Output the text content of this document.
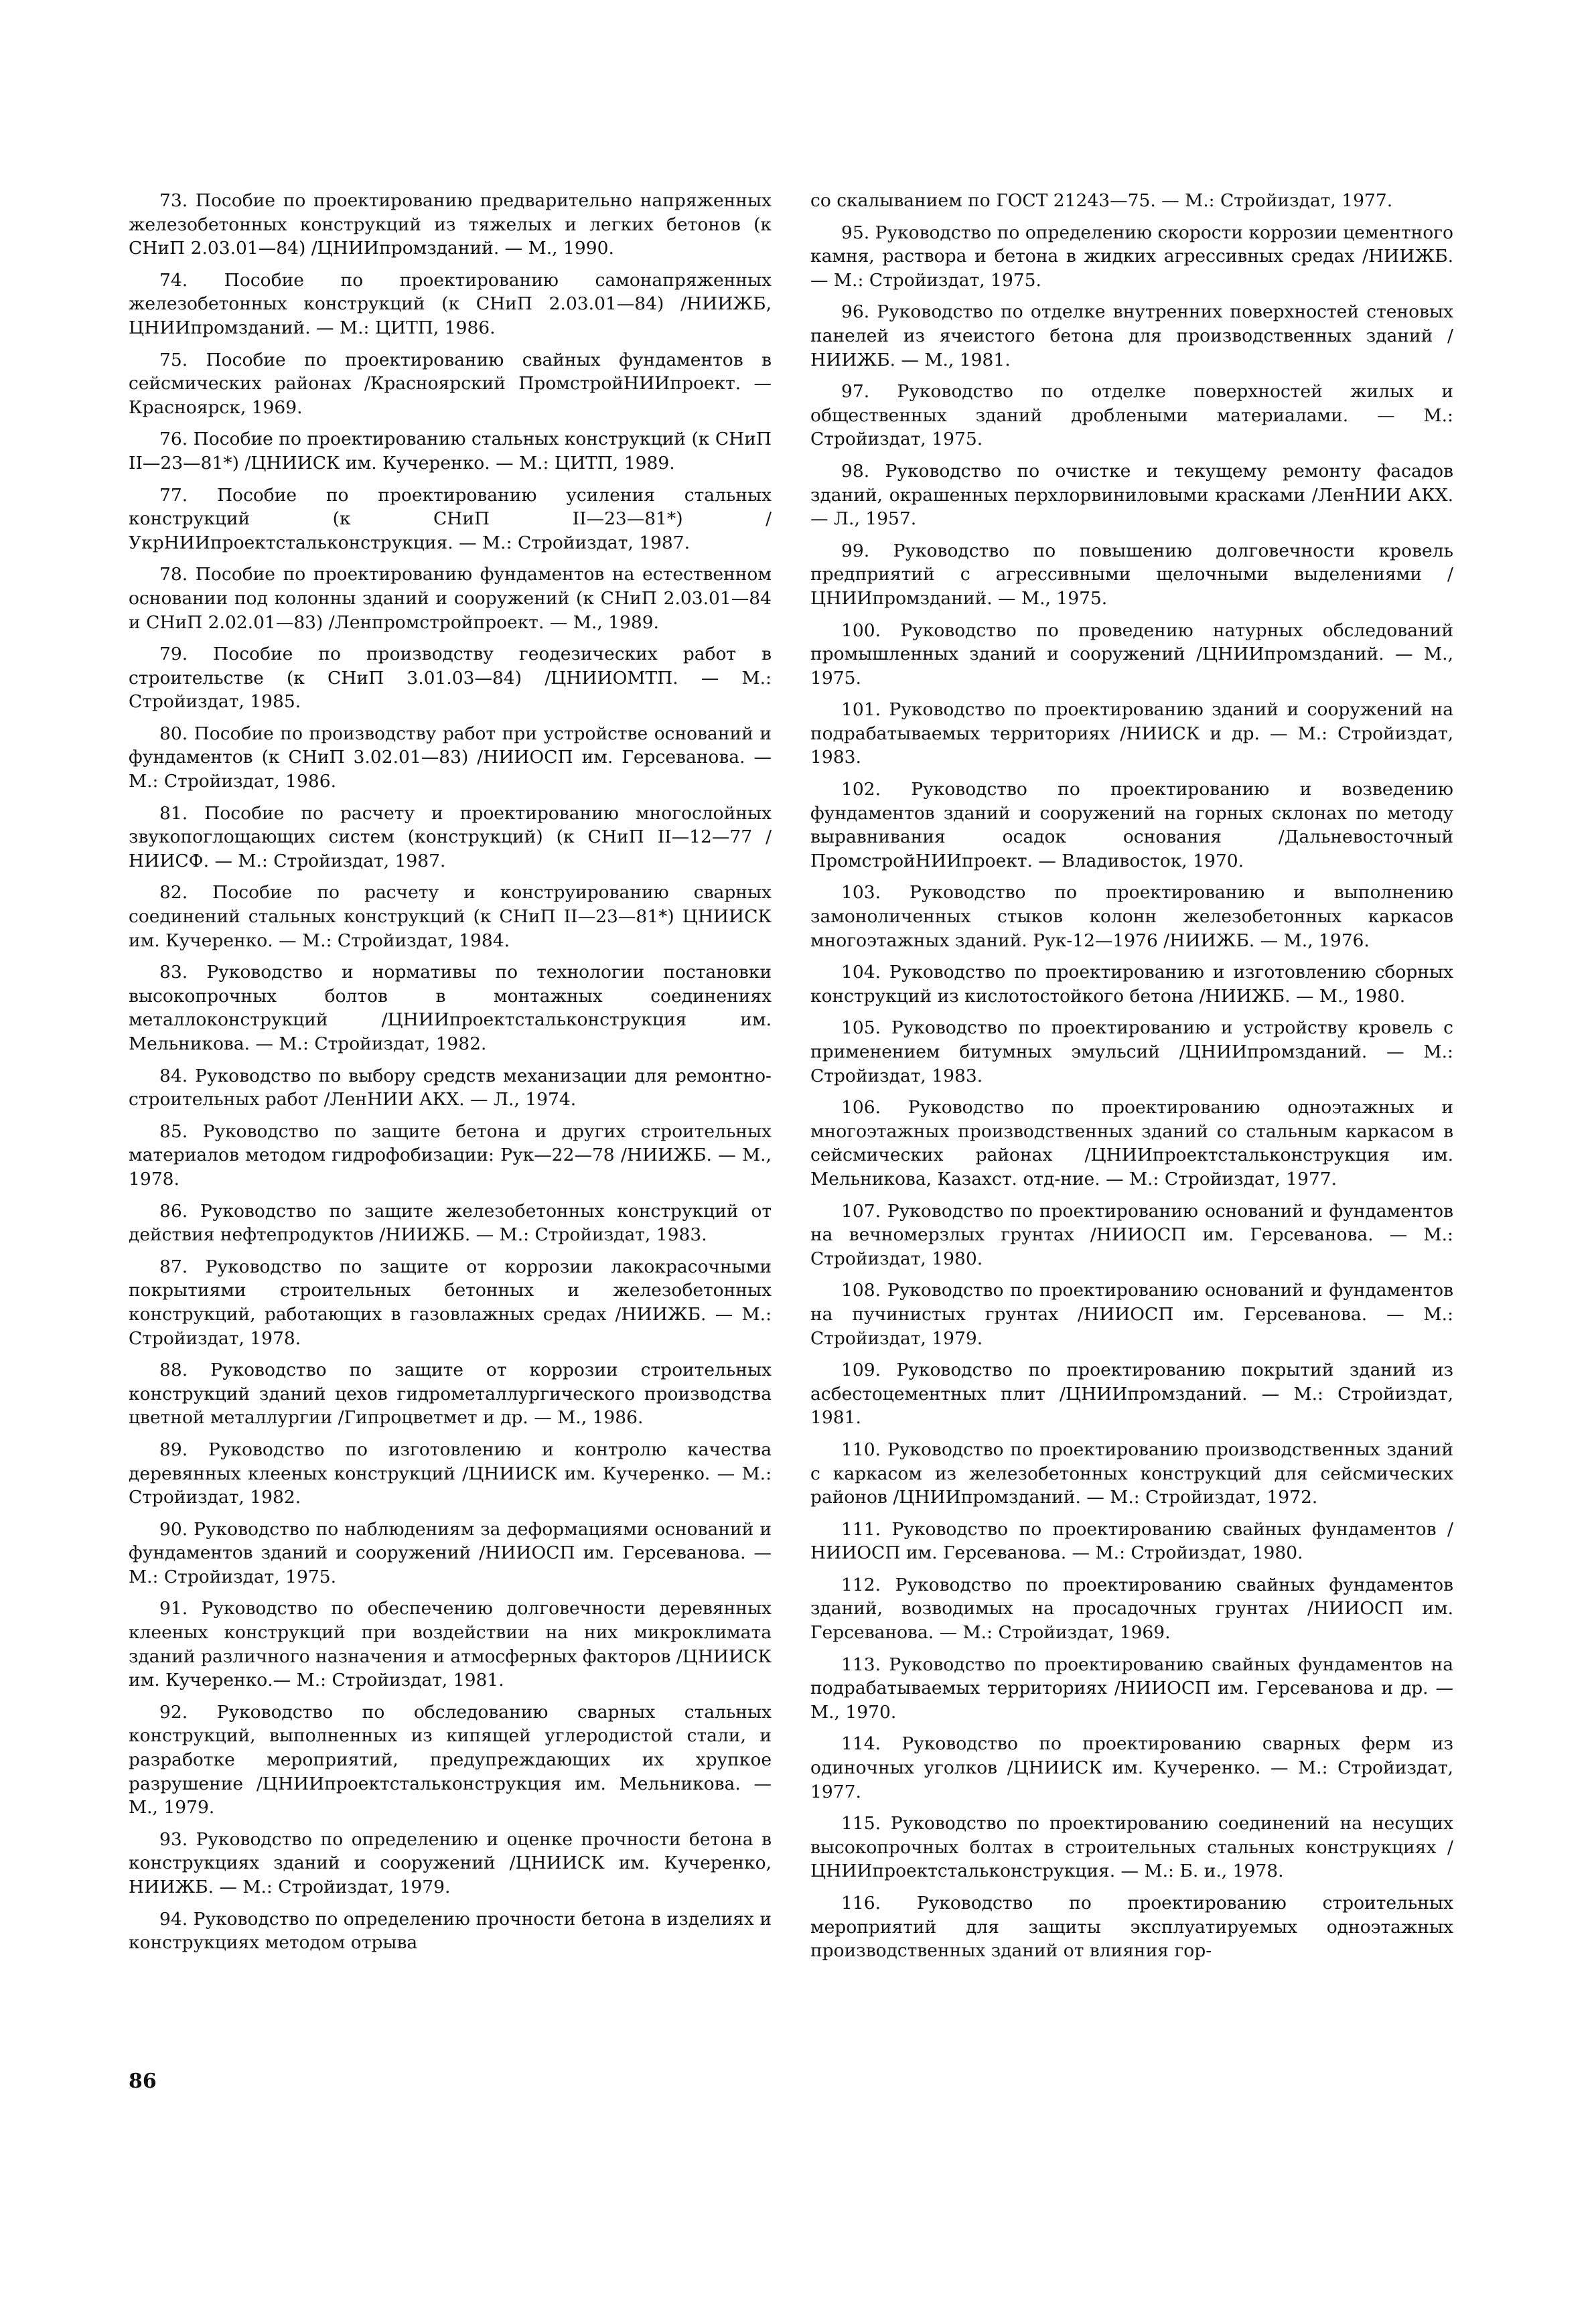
73. Пособие по проектированию предварительно напряженных железобетонных конструкций из тяжелых и легких бетонов (к СНиП 2.03.01—84) /ЦНИИпромзданий. — М., 1990.

74. Пособие по проектированию самонапряженных железобетонных конструкций (к СНиП 2.03.01—84) /НИИЖБ, ЦНИИпромзданий. — М.: ЦИТП, 1986.

75. Пособие по проектированию свайных фундаментов в сейсмических районах /Красноярский ПромстройНИИпроект. — Красноярск, 1969.

76. Пособие по проектированию стальных конструкций (к СНиП II—23—81*) /ЦНИИСК им. Кучеренко. — М.: ЦИТП, 1989.

77. Пособие по проектированию усиления стальных конструкций (к СНиП II—23—81*) /УкрНИИпроектстальконструкция. — М.: Стройиздат, 1987.

78. Пособие по проектированию фундаментов на естественном основании под колонны зданий и сооружений (к СНиП 2.03.01—84 и СНиП 2.02.01—83) /Ленпромстройпроект. — М., 1989.

79. Пособие по производству геодезических работ в строительстве (к СНиП 3.01.03—84) /ЦНИИОМТП. — М.: Стройиздат, 1985.

80. Пособие по производству работ при устройстве оснований и фундаментов (к СНиП 3.02.01—83) /НИИОСП им. Герсеванова. — М.: Стройиздат, 1986.

81. Пособие по расчету и проектированию многослойных звукопоглощающих систем (конструкций) (к СНиП II—12—77 /НИИСФ. — М.: Стройиздат, 1987.

82. Пособие по расчету и конструированию сварных соединений стальных конструкций (к СНиП II—23—81*) ЦНИИСК им. Кучеренко. — М.: Стройиздат, 1984.

83. Руководство и нормативы по технологии постановки высокопрочных болтов в монтажных соединениях металлоконструкций /ЦНИИпроектстальконструкция им. Мельникова. — М.: Стройиздат, 1982.

84. Руководство по выбору средств механизации для ремонтно-строительных работ /ЛенНИИ АКХ. — Л., 1974.

85. Руководство по защите бетона и других строительных материалов методом гидрофобизации: Рук—22—78 /НИИЖБ. — М., 1978.

86. Руководство по защите железобетонных конструкций от действия нефтепродуктов /НИИЖБ. — М.: Стройиздат, 1983.

87. Руководство по защите от коррозии лакокрасочными покрытиями строительных бетонных и железобетонных конструкций, работающих в газовлажных средах /НИИЖБ. — М.: Стройиздат, 1978.

88. Руководство по защите от коррозии строительных конструкций зданий цехов гидрометаллургического производства цветной металлургии /Гипроцветмет и др. — М., 1986.

89. Руководство по изготовлению и контролю качества деревянных клееных конструкций /ЦНИИСК им. Кучеренко. — М.: Стройиздат, 1982.

90. Руководство по наблюдениям за деформациями оснований и фундаментов зданий и сооружений /НИИОСП им. Герсеванова. — М.: Стройиздат, 1975.

91. Руководство по обеспечению долговечности деревянных клееных конструкций при воздействии на них микроклимата зданий различного назначения и атмосферных факторов /ЦНИИСК им. Кучеренко.— М.: Стройиздат, 1981.

92. Руководство по обследованию сварных стальных конструкций, выполненных из кипящей углеродистой стали, и разработке мероприятий, предупреждающих их хрупкое разрушение /ЦНИИпроектстальконструкция им. Мельникова. — М., 1979.

93. Руководство по определению и оценке прочности бетона в конструкциях зданий и сооружений /ЦНИИСК им. Кучеренко, НИИЖБ. — М.: Стройиздат, 1979.

94. Руководство по определению прочности бетона в изделиях и конструкциях методом отрыва

со скалыванием по ГОСТ 21243—75. — М.: Стройиздат, 1977.

95. Руководство по определению скорости коррозии цементного камня, раствора и бетона в жидких агрессивных средах /НИИЖБ. — М.: Стройиздат, 1975.

96. Руководство по отделке внутренних поверхностей стеновых панелей из ячеистого бетона для производственных зданий /НИИЖБ. — М., 1981.

97. Руководство по отделке поверхностей жилых и общественных зданий дроблеными материалами. — М.: Стройиздат, 1975.

98. Руководство по очистке и текущему ремонту фасадов зданий, окрашенных перхлорвиниловыми красками /ЛенНИИ АКХ. — Л., 1957.

99. Руководство по повышению долговечности кровель предприятий с агрессивными щелочными выделениями /ЦНИИпромзданий. — М., 1975.

100. Руководство по проведению натурных обследований промышленных зданий и сооружений /ЦНИИпромзданий. — М., 1975.

101. Руководство по проектированию зданий и сооружений на подрабатываемых территориях /НИИСК и др. — М.: Стройиздат, 1983.

102. Руководство по проектированию и возведению фундаментов зданий и сооружений на горных склонах по методу выравнивания осадок основания /Дальневосточный ПромстройНИИпроект. — Владивосток, 1970.

103. Руководство по проектированию и выполнению замоноличенных стыков колонн железобетонных каркасов многоэтажных зданий. Рук-12—1976 /НИИЖБ. — М., 1976.

104. Руководство по проектированию и изготовлению сборных конструкций из кислотостойкого бетона /НИИЖБ. — М., 1980.

105. Руководство по проектированию и устройству кровель с применением битумных эмульсий /ЦНИИпромзданий. — М.: Стройиздат, 1983.

106. Руководство по проектированию одноэтажных и многоэтажных производственных зданий со стальным каркасом в сейсмических районах /ЦНИИпроектстальконструкция им. Мельникова, Казахст. отд-ние. — М.: Стройиздат, 1977.

107. Руководство по проектированию оснований и фундаментов на вечномерзлых грунтах /НИИОСП им. Герсеванова. — М.: Стройиздат, 1980.

108. Руководство по проектированию оснований и фундаментов на пучинистых грунтах /НИИОСП им. Герсеванова. — М.: Стройиздат, 1979.

109. Руководство по проектированию покрытий зданий из асбестоцементных плит /ЦНИИпромзданий. — М.: Стройиздат, 1981.

110. Руководство по проектированию производственных зданий с каркасом из железобетонных конструкций для сейсмических районов /ЦНИИпромзданий. — М.: Стройиздат, 1972.

111. Руководство по проектированию свайных фундаментов /НИИОСП им. Герсеванова. — М.: Стройиздат, 1980.

112. Руководство по проектированию свайных фундаментов зданий, возводимых на просадочных грунтах /НИИОСП им. Герсеванова. — М.: Стройиздат, 1969.

113. Руководство по проектированию свайных фундаментов на подрабатываемых территориях /НИИОСП им. Герсеванова и др. — М., 1970.

114. Руководство по проектированию сварных ферм из одиночных уголков /ЦНИИСК им. Кучеренко. — М.: Стройиздат, 1977.

115. Руководство по проектированию соединений на несущих высокопрочных болтах в строительных стальных конструкциях /ЦНИИпроектстальконструкция. — М.: Б. и., 1978.

116. Руководство по проектированию строительных мероприятий для защиты эксплуатируемых одноэтажных производственных зданий от влияния гор-

86
